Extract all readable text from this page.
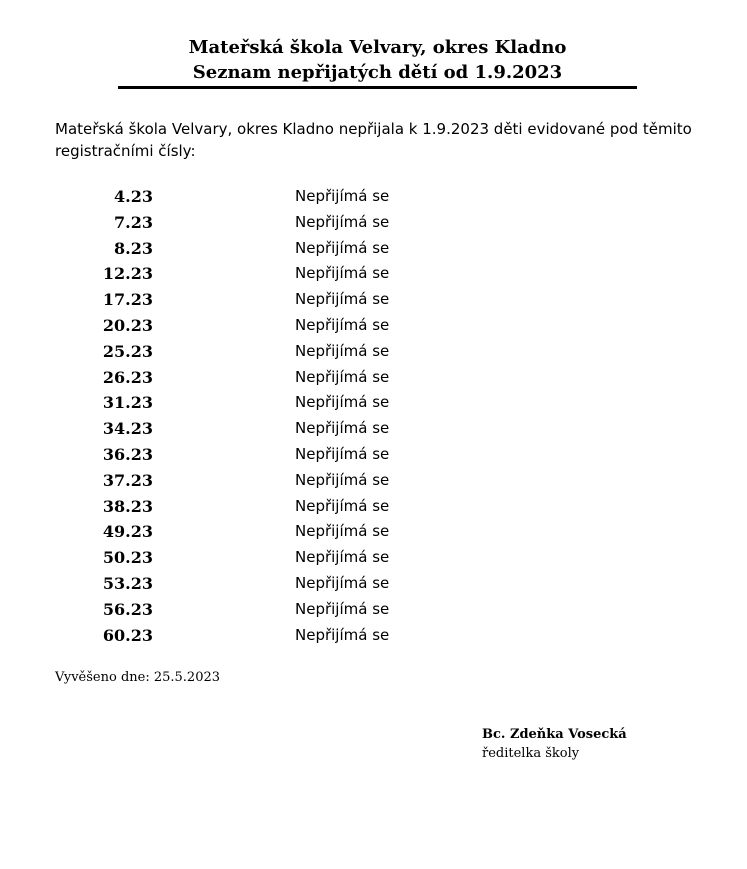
Mateřská škola Velvary, okres Kladno
Seznam nepřijatých dětí od 1.9.2023
Mateřská škola Velvary, okres Kladno nepřijala k 1.9.2023 děti evidované pod těmito registračními čísly:
4.23	Nepřijímá se
7.23	Nepřijímá se
8.23	Nepřijímá se
12.23	Nepřijímá se
17.23	Nepřijímá se
20.23	Nepřijímá se
25.23	Nepřijímá se
26.23	Nepřijímá se
31.23	Nepřijímá se
34.23	Nepřijímá se
36.23	Nepřijímá se
37.23	Nepřijímá se
38.23	Nepřijímá se
49.23	Nepřijímá se
50.23	Nepřijímá se
53.23	Nepřijímá se
56.23	Nepřijímá se
60.23	Nepřijímá se
Vyvěšeno dne: 25.5.2023
Bc. Zdeňka Vosecká
ředitelka školy
